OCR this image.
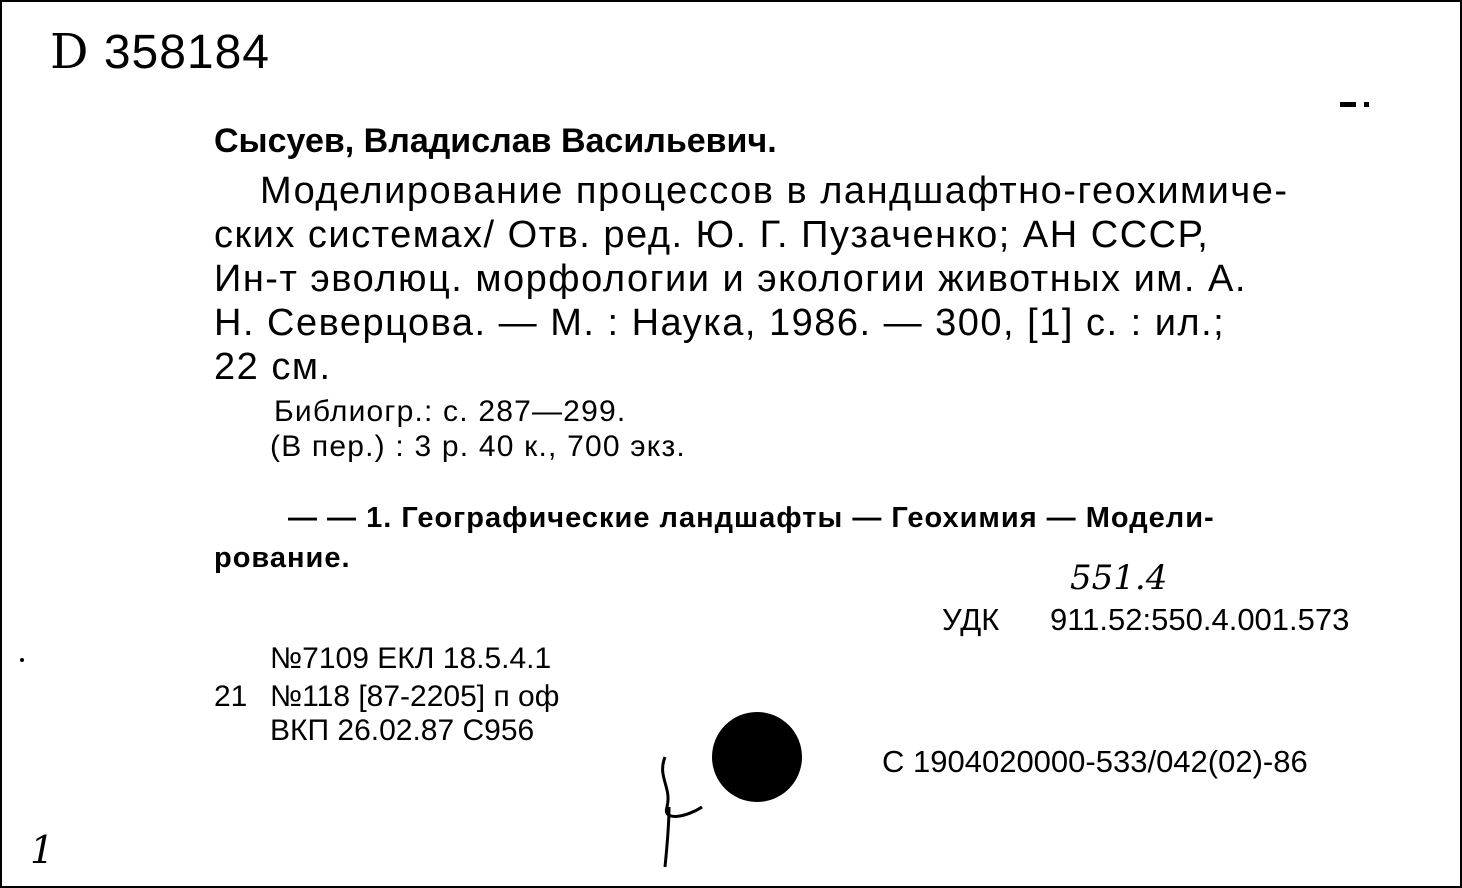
D 358184
Сысуев, Владислав Васильевич.
Моделирование процессов в ландшафтно-геохимиче-
ских системах/ Отв. ред. Ю. Г. Пузаченко; АН СССР,
Ин-т эволюц. морфологии и экологии животных им. А.
Н. Северцова. — М. : Наука, 1986. — 300, [1] с. : ил.;
22 см.
Библиогр.: с. 287—299.
(В пер.) : 3 р. 40 к., 700 экз.
— — 1. Географические ландшафты — Геохимия — Модели-
рование.	551.4
УДК 911.52:550.4.001.573
№7109 ЕКЛ 18.5.4.1
21 №118 [87-2205] п оф
ВКП 26.02.87 С956
С 1904020000-533/042(02)-86
1
